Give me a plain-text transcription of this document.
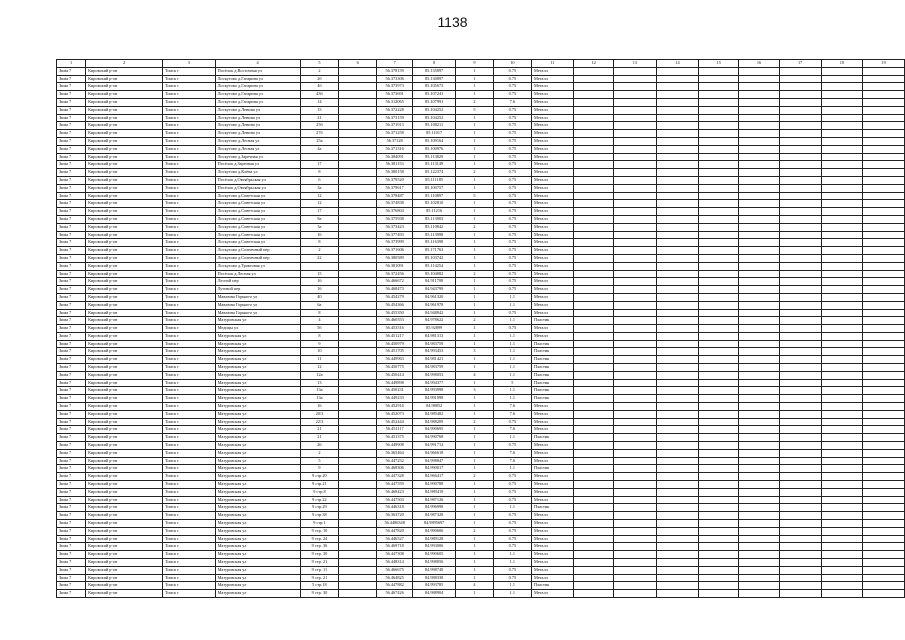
1138
1	2	3	4	5	6	7	8	9	10	11	12	13	14	15	16	17	18	19
Зима 7	Кировский р-он	Томск г	Посёлок д.Восточная ул	2		56.378159	85.135897	1	0.75	Металл								
Зима 7	Кировский р-он	Томск г	Лоскутово д.Гагарина ул	2б		56.373306	85.130897	1	0.75	Металл								
Зима 7	Кировский р-он	Томск г	Лоскутово д.Гагарина ул	4б		56.373973	85.105673	1	0.75	Металл								
Зима 7	Кировский р-он	Томск г	Лоскутово д.Гагарина ул	43б		56.373691	85.107241	1	0.75	Металл								
Зима 7	Кировский р-он	Томск г	Лоскутово д.Гагарина ул	14		56.312065	85.107991	2	7.6	Металл								
Зима 7	Кировский р-он	Томск г	Лоскутово д.Ленина ул	15		56.372228	85.104252	5	0.75	Металл								
Зима 7	Кировский р-он	Томск г	Лоскутово д.Ленина ул	21		56.373159	85.104252	1	0.75	Металл								
Зима 7	Кировский р-он	Томск г	Лоскутово д.Ленина ул	25б		56.371913	85.108211	1	0.75	Металл								
Зима 7	Кировский р-он	Томск г	Лоскутово д.Ленина ул	27б		56.371258	85.11017	1	0.75	Металл								
Зима 7	Кировский р-он	Томск г	Лоскутово д.Лесная ул	25а		56.37128	85.109164	1	0.75	Металл								
Зима 7	Кировский р-он	Томск г	Лоскутово д.Лесная ул	4а		56.371316	85.100976	1	0.75	Металл								
Зима 7	Кировский р-он	Томск г	Лоскутово д.Заречная ул			56.384091	85.113829	1	0.75	Металл								
Зима 7	Кировский р-он	Томск г	Посёлок д.Заречная ул	17		56.381153	85.113149	1	0.75	Металл								
Зима 7	Кировский р-он	Томск г	Лоскутово д.Клёна ул	8		56.380158	85.122374	2	0.75	Металл								
Зима 7	Кировский р-он	Томск г	Посёлок д.Октябрьская ул	6		56.379520	85.111185	1	0.75	Металл								
Зима 7	Кировский р-он	Томск г	Посёлок д.Октябрьская ул	3а		56.379617	85.100757	1	0.75	Металл								
Зима 7	Кировский р-он	Томск г	Лоскутово д.Советская ул	12		56.378487	85.110897	5	0.75	Металл								
Зима 7	Кировский р-он	Томск г	Лоскутово д.Советская ул	12		56.374838	85.102810	1	0.75	Металл								
Зима 7	Кировский р-он	Томск г	Лоскутово д.Советская ул	17		56.376804	85.11216	1	0.75	Металл								
Зима 7	Кировский р-он	Томск г	Лоскутово д.Советская ул	8а		56.375938	85.113903	1	0.75	Металл								
Зима 7	Кировский р-он	Томск г	Лоскутово д.Советская ул	3а		56.373423	85.110842	2	0.75	Металл								
Зима 7	Кировский р-он	Томск г	Лоскутово д.Советская ул	16		56.377493	85.113998	1	0.75	Металл								
Зима 7	Кировский р-он	Томск г	Лоскутово д.Советская ул	8		56.373999	85.116398	1	0.75	Металл								
Зима 7	Кировский р-он	Томск г	Лоскутово д.Солнечный пер	2		56.371606	85.171763	1	0.75	Металл								
Зима 7	Кировский р-он	Томск г	Лоскутово д.Солнечный пер	22		56.380589	85.103742	1	0.75	Металл								
Зима 7	Кировский р-он	Томск г	Лоскутово д.Трактовая ул			56.381091	85.114254	1	0.75	Металл								
Зима 7	Кировский р-он	Томск г	Посёлок д.Лесная ул	15		56.372456	85.104082	2	0.75	Металл								
Зима 7	Кировский р-он	Томск г	Лесной пер	16		56.466672	84.911708	1	0.75	Металл								
Зима 7	Кировский р-он	Томск г	Луговой пер	16		56.468473	84.943799	1	0.75	Металл								
Зима 7	Кировский р-он	Томск г	Мавлюна Горького ул	40		56.454279	84.961320	1	1.1	Металл								
Зима 7	Кировский р-он	Томск г	Мавлюна Горького ул	6а		56.454366	84.961978	1	1.1	Металл								
Зима 7	Кировский р-он	Томск г	Мавлюна Горького ул	8		56.455350	84.948842	1	0.75	Металл								
Зима 7	Кировский р-он	Томск г	Мазуровская ул	4		56.460553	84.978622	2	1.1	Пластик								
Зима 7	Кировский р-он	Томск г	Медицы ул	5б		56.453516	85.92899	1	0.75	Металл								
Зима 7	Кировский р-он	Томск г	Мазуровская ул	8		56.451217	84.981313	1	1.1	Металл								
Зима 7	Кировский р-он	Томск г	Мазуровская ул	9		56.450979	84.983759	1	1.1	Пластик								
Зима 7	Кировский р-он	Томск г	Мазуровская ул	10		56.451705	84.993453	3	1.1	Пластик								
Зима 7	Кировский р-он	Томск г	Мазуровская ул	11		56.449963	84.981421	1	1.1	Пластик								
Зима 7	Кировский р-он	Томск г	Мазуровская ул	12		56.450775	84.983759	1	1.1	Пластик								
Зима 7	Кировский р-он	Томск г	Мазуровская ул	12а		56.450414	84.998053	4	1.1	Пластик								
Зима 7	Кировский р-он	Томск г	Мазуровская ул	13		56.449898	84.994377	1	5	Пластик								
Зима 7	Кировский р-он	Томск г	Мазуровская ул	13а		56.450231	84.993998	3	1.1	Пластик								
Зима 7	Кировский р-он	Томск г	Мазуровская ул	13а		56.449233	84.991098	1	1.1	Пластик								
Зима 7	Кировский р-он	Томск г	Мазуровская ул	16		56.452916	84.98852	1	7.6	Металл								
Зима 7	Кировский р-он	Томск г	Мазуровская ул	20/3		56.452073	84.989482	1	7.6	Металл								
Зима 7	Кировский р-он	Томск г	Мазуровская ул	22/3		56.452444	84.988209	2	0.75	Металл								
Зима 7	Кировский р-он	Томск г	Мазуровская ул	21		56.451117	84.990695	1	7.6	Металл								
Зима 7	Кировский р-он	Томск г	Мазуровская ул	21		56.451375	84.990768	1	1.1	Пластик								
Зима 7	Кировский р-он	Томск г	Мазуровская ул	26		56.449908	84.991712	1	0.75	Металл								
Зима 7	Кировский р-он	Томск г	Мазуровская ул	2		56.365464	84.966618	1	7.6	Металл								
Зима 7	Кировский р-он	Томск г	Мазуровская ул	5		56.447252	84.998847	1	7.6	Металл								
Зима 7	Кировский р-он	Томск г	Мазуровская ул	9		56.468306	84.990017	1	1.1	Пластик								
Зима 7	Кировский р-он	Томск г	Мазуровская ул	9 стр.20		56.447328	84.966417	2	0.75	Металл								
Зима 7	Кировский р-он	Томск г	Мазуровская ул	9 стр.21		56.447559	84.990788	1	0.75	Металл								
Зима 7	Кировский р-он	Томск г	Мазуровская ул	9 стр.8		56.468423	84.989419	1	0.75	Металл								
Зима 7	Кировский р-он	Томск г	Мазуровская ул	9 стр.22		56.447503	84.987126	1	0.75	Металл								
Зима 7	Кировский р-он	Томск г	Мазуровская ул	9 стр.29		56.446318	84.996998	1	1.1	Пластик								
Зима 7	Кировский р-он	Томск г	Мазуровская ул	9 стр.38		56.363720	84.987328	1	0.75	Металл								
Зима 7	Кировский р-он	Томск г	Мазуровская ул	9 стр.1		56.4486348	84.9895697	1	0.75	Металл								
Зима 7	Кировский р-он	Томск г	Мазуровская ул	9 стр. 10		56.447820	84.990606	2	0.75	Металл								
Зима 7	Кировский р-он	Томск г	Мазуровская ул	9 стр. 24		56.446527	84.989128	1	0.75	Металл								
Зима 7	Кировский р-он	Томск г	Мазуровская ул	9 стр. 36		56.469718	84.993006	1	0.75	Металл								
Зима 7	Кировский р-он	Томск г	Мазуровская ул	9 стр. 30		56.447308	84.990605	1	1.1	Металл								
Зима 7	Кировский р-он	Томск г	Мазуровская ул	9 стр. 21		56.448314	84.998056	1	1.1	Металл								
Зима 7	Кировский р-он	Томск г	Мазуровская ул	9 стр. 11		56.466675	84.998749	1	0.75	Металл								
Зима 7	Кировский р-он	Томск г	Мазуровская ул	9 стр. 21		56.464825	84.988338	1	0.75	Металл								
Зима 7	Кировский р-он	Томск г	Мазуровская ул	5 стр.18		56.447882	84.993785	4	1.1	Пластик								
Зима 7	Кировский р-он	Томск г	Мазуровская ул	9 стр. 30		56.467426	84.988904	1	1.1	Металл								
